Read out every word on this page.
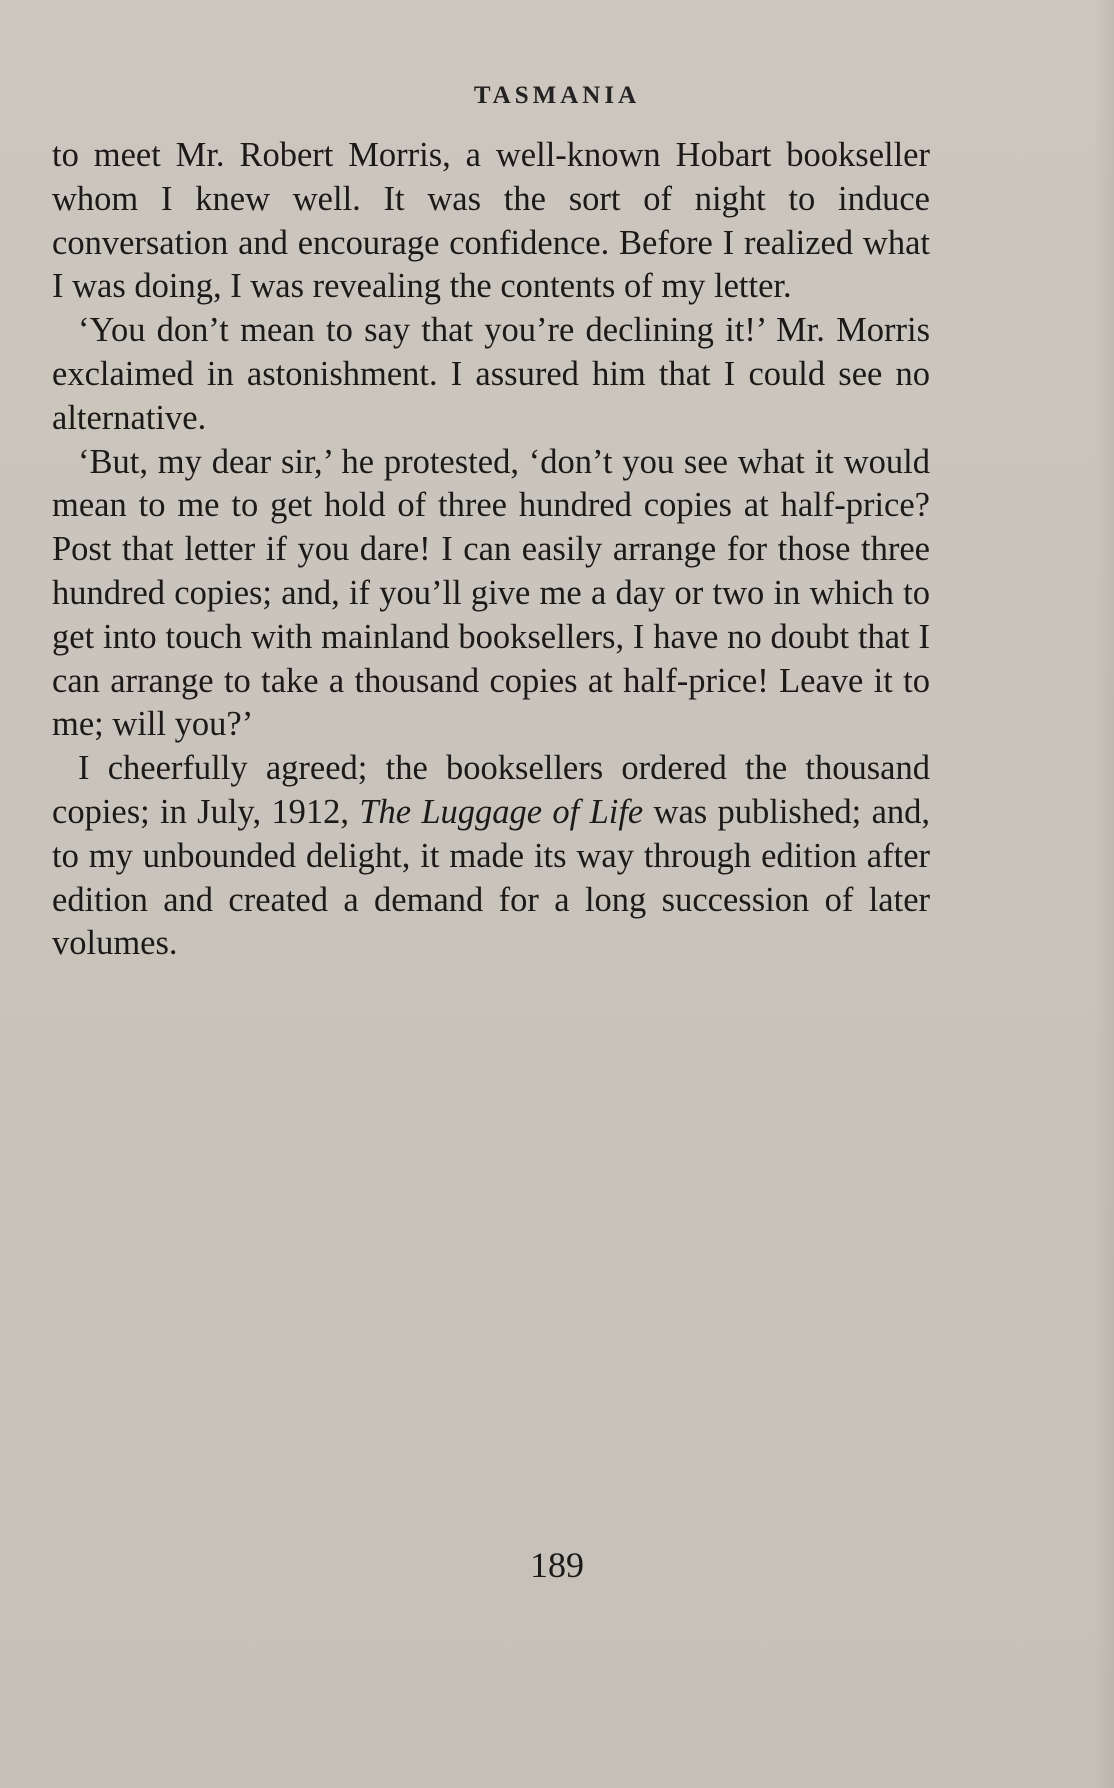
TASMANIA

to meet Mr. Robert Morris, a well-known Hobart bookseller whom I knew well. It was the sort of night to induce conversation and encourage confidence. Before I realized what I was doing, I was revealing the contents of my letter.

‘You don’t mean to say that you’re declining it!’ Mr. Morris exclaimed in astonishment. I assured him that I could see no alternative.

‘But, my dear sir,’ he protested, ‘don’t you see what it would mean to me to get hold of three hundred copies at half-price? Post that letter if you dare! I can easily arrange for those three hundred copies; and, if you’ll give me a day or two in which to get into touch with mainland booksellers, I have no doubt that I can arrange to take a thousand copies at half-price! Leave it to me; will you?’

I cheerfully agreed; the booksellers ordered the thousand copies; in July, 1912, The Luggage of Life was published; and, to my unbounded delight, it made its way through edition after edition and created a demand for a long succession of later volumes.

189
